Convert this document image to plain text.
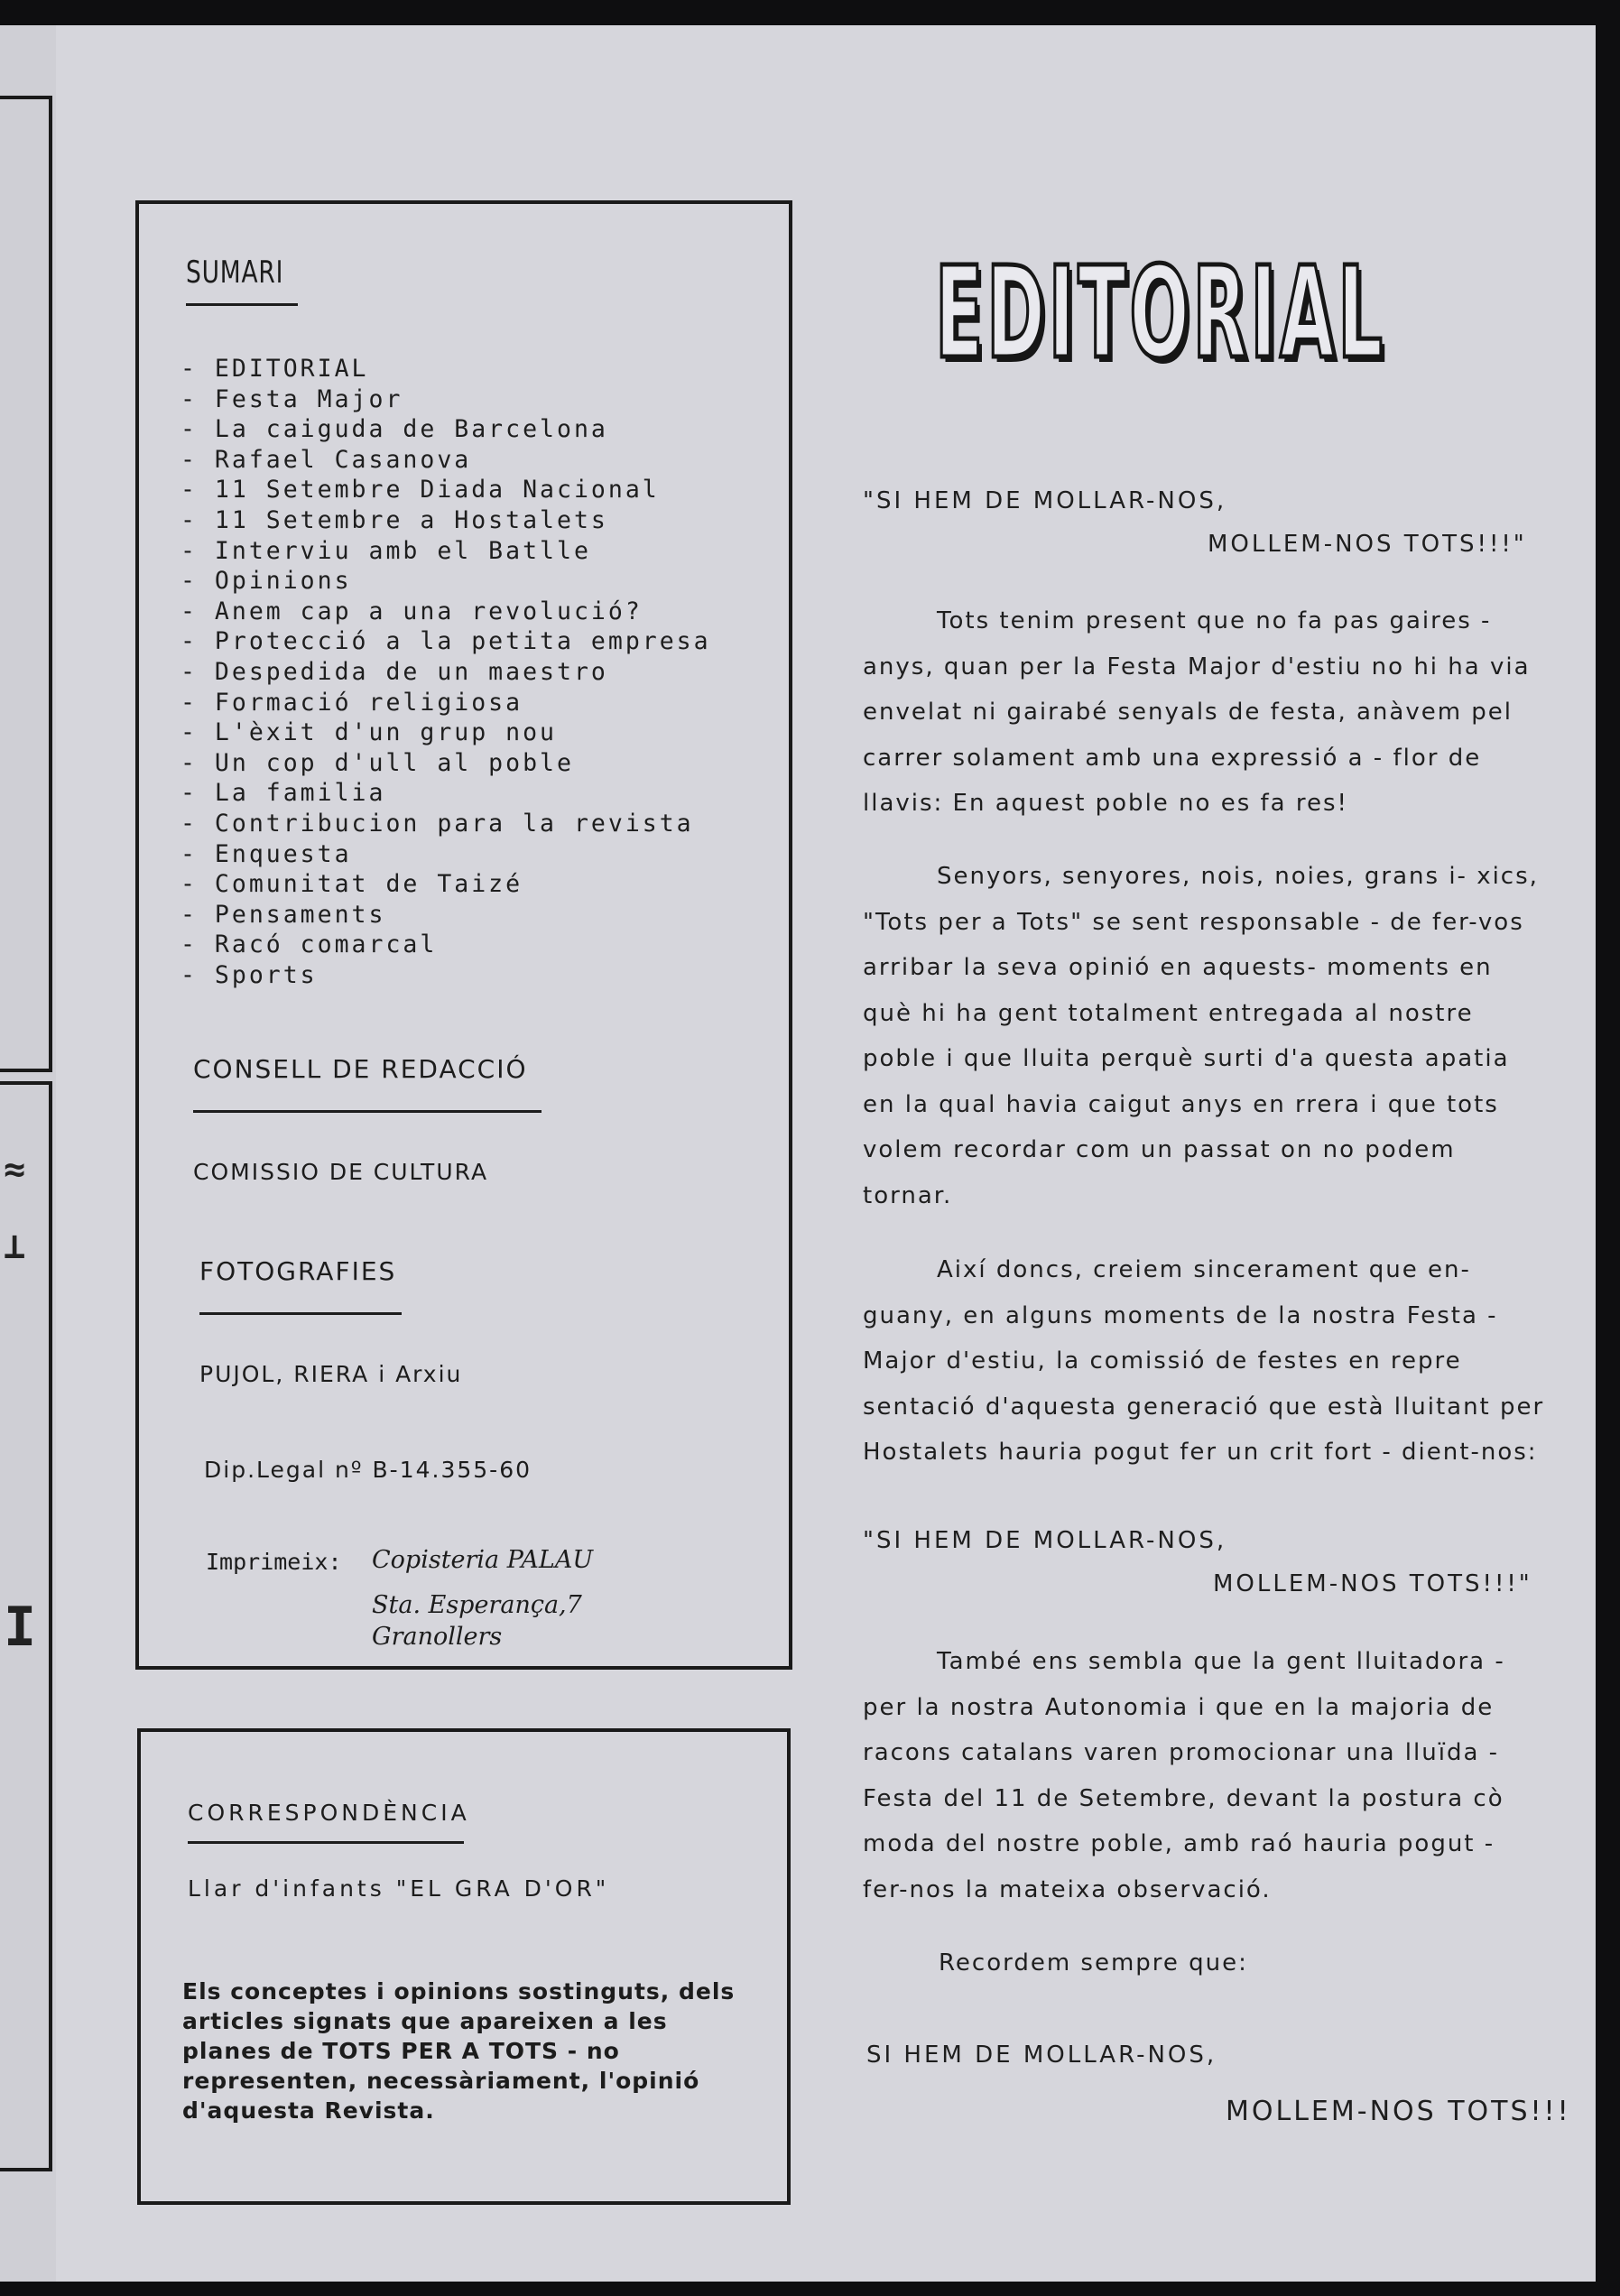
≈
⊥
I
SUMARI
- EDITORIAL
- Festa Major
- La caiguda de Barcelona
- Rafael Casanova
- 11 Setembre Diada Nacional
- 11 Setembre a Hostalets
- Interviu amb el Batlle
- Opinions
- Anem cap a una revolució?
- Protecció a la petita empresa
- Despedida de un maestro
- Formació religiosa
- L'èxit d'un grup nou
- Un cop d'ull al poble
- La familia
- Contribucion para la revista
- Enquesta
- Comunitat de Taizé
- Pensaments
- Racó comarcal
- Sports
CONSELL DE REDACCIÓ
COMISSIO DE CULTURA
FOTOGRAFIES
PUJOL, RIERA i Arxiu
Dip.Legal nº B-14.355-60
Imprimeix: Copisteria PALAU
Sta. Esperança,7
Granollers
CORRESPONDÈNCIA
Llar d'infants "EL GRA D'OR"

Els conceptes i opinions sostinguts, dels articles signats que apareixen a les planes de TOTS PER A TOTS - no representen, necessàriament, l'opinió d'aquesta Revista.

EDITORIAL
"SI HEM DE MOLLAR-NOS,
MOLLEM-NOS TOTS!!!"

Tots tenim present que no fa pas gaires - anys, quan per la Festa Major d'estiu no hi ha via envelat ni gairabé senyals de festa, anàvem pel carrer solament amb una expressió a - flor de llavis: En aquest poble no es fa res!

Senyors, senyores, nois, noies, grans i- xics, "Tots per a Tots" se sent responsable - de fer-vos arribar la seva opinió en aquests- moments en què hi ha gent totalment entregada al nostre poble i que lluita perquè surti d'a questa apatia en la qual havia caigut anys en rrera i que tots volem recordar com un passat on no podem tornar.

Així doncs, creiem sincerament que en- guany, en alguns moments de la nostra Festa - Major d'estiu, la comissió de festes en repre sentació d'aquesta generació que està lluitant per Hostalets hauria pogut fer un crit fort - dient-nos:

"SI HEM DE MOLLAR-NOS,
MOLLEM-NOS TOTS!!!"

També ens sembla que la gent lluitadora - per la nostra Autonomia i que en la majoria de racons catalans varen promocionar una lluïda - Festa del 11 de Setembre, devant la postura cò moda del nostre poble, amb raó hauria pogut - fer-nos la mateixa observació.

Recordem sempre que:

SI HEM DE MOLLAR-NOS,
MOLLEM-NOS TOTS!!!
